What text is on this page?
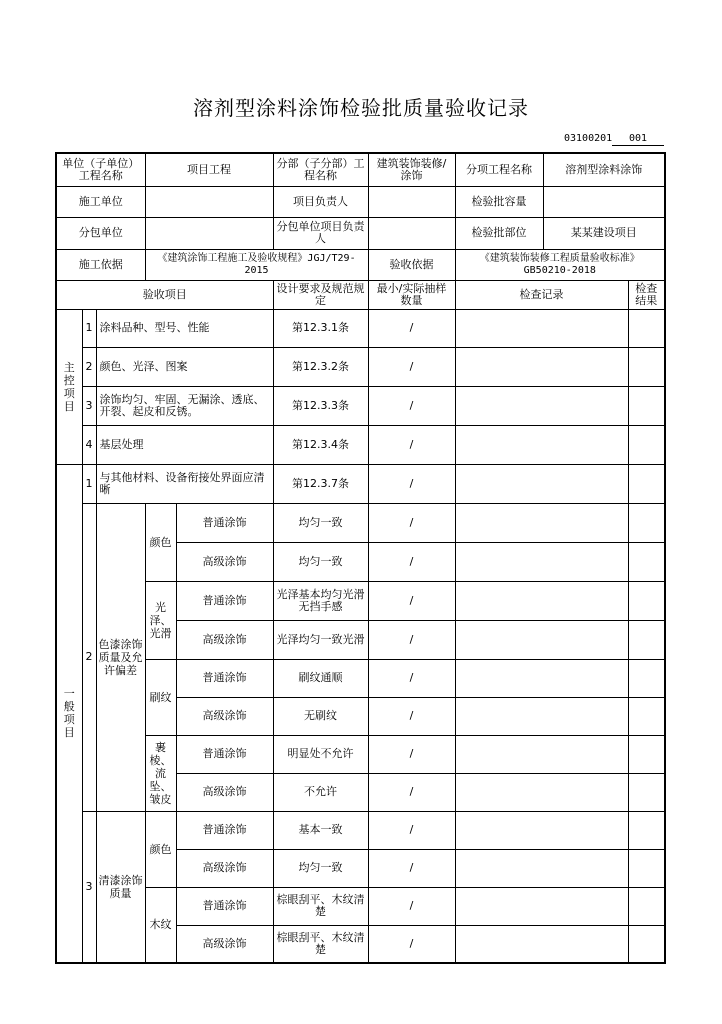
溶剂型涂料涂饰检验批质量验收记录
03100201	001
单位（子单位）工程名称			项目工程		分部（子分部）工程名称	建筑装饰装修/涂饰	分项工程名称	溶剂型涂料涂饰	
施工单位					项目负责人		检验批容量		
分包单位					分包单位项目负责人		检验批部位	某某建设项目	
施工依据			《建筑涂饰工程施工及验收规程》JGJ/T29-2015			验收依据	《建筑装饰装修工程质量验收标准》GB50210-2018		
验收项目					设计要求及规范规定	最小/实际抽样数量	检查记录		检查结果
主控项目	1	涂料品种、型号、性能			第12.3.1条	/			
	2	颜色、光泽、图案			第12.3.2条	/			
	3	涂饰均匀、牢固、无漏涂、透底、开裂、起皮和反锈。			第12.3.3条	/			
	4	基层处理			第12.3.4条	/			
一般项目	1	与其他材料、设备衔接处界面应清晰			第12.3.7条	/			
	2	色漆涂饰质量及允许偏差	颜色	普通涂饰	均匀一致	/			
				高级涂饰	均匀一致	/			
			光泽、光滑	普通涂饰	光泽基本均匀光滑无挡手感	/			
				高级涂饰	光泽均匀一致光滑	/			
			刷纹	普通涂饰	刷纹通顺	/			
				高级涂饰	无刷纹	/			
			裹棱、流坠、皱皮	普通涂饰	明显处不允许	/			
				高级涂饰	不允许	/			
	3	清漆涂饰质量	颜色	普通涂饰	基本一致	/			
				高级涂饰	均匀一致	/			
			木纹	普通涂饰	棕眼刮平、木纹清楚	/			
				高级涂饰	棕眼刮平、木纹清楚	/			
